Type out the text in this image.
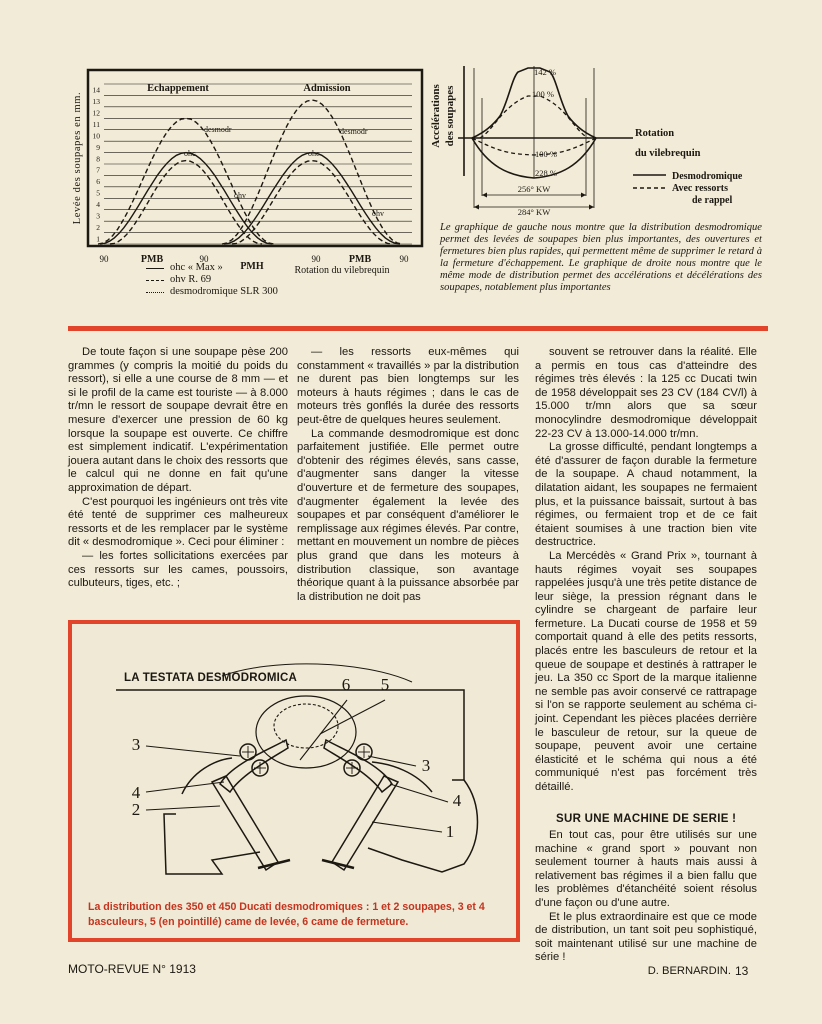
14
13
12
11
10
9
8
7
6
5
4
3
2
1
Levée des soupapes en mm.
Echappement	Admission
desmodr	desmodr
ohc	ohc
ohv
ohv
90	90	90	90
PMB
PMH
PMB
Rotation du vilebrequin
ohc « Max »
ohv R. 69
desmodromique SLR 300
Accélérations des soupapes
142 %
100 %
100 %
228 %
256° KW
284° KW
Rotation
du vilebrequin
Desmodromique
Avec ressorts
de rappel
Le graphique de gauche nous montre que la distribution desmodromique permet des levées de soupapes bien plus importantes, des ouvertures et fermetures bien plus rapides, qui permettent même de supprimer le retard à la fermeture d'échappement. Le graphique de droite nous montre que le même mode de distribution permet des accélérations et décélérations des soupapes, notablement plus importantes

De toute façon si une soupape pèse 200 grammes (y compris la moitié du poids du ressort), si elle a une course de 8 mm — et si le profil de la came est touriste — à 8.000 tr/mn le ressort de soupape devrait être en mesure d'exercer une pression de 60 kg lorsque la soupape est ouverte. Ce chiffre est simplement indicatif. L'expérimentation jouera autant dans le choix des ressorts que le calcul qui ne donne en fait qu'une approximation de départ.

C'est pourquoi les ingénieurs ont très vite été tenté de supprimer ces malheureux ressorts et de les remplacer par le système dit « desmodromique ». Ceci pour éliminer :

— les fortes sollicitations exercées par ces ressorts sur les cames, poussoirs, culbuteurs, tiges, etc. ;

— les ressorts eux-mêmes qui constamment « travaillés » par la distribution ne durent pas bien longtemps sur les moteurs à hauts régimes ; dans le cas de moteurs très gonflés la durée des ressorts peut-être de quelques heures seulement.

La commande desmodromique est donc parfaitement justifiée. Elle permet outre d'obtenir des régimes élevés, sans casse, d'augmenter sans danger la vitesse d'ouverture et de fermeture des soupapes, d'augmenter également la levée des soupapes et par conséquent d'améliorer le remplissage aux régimes élevés. Par contre, mettant en mouvement un nombre de pièces plus grand que dans les moteurs à distribution classique, son avantage théorique quant à la puissance absorbée par la distribution ne doit pas

souvent se retrouver dans la réalité. Elle a permis en tous cas d'atteindre des régimes très élevés : la 125 cc Ducati twin de 1958 développait ses 23 CV (184 CV/l) à 15.000 tr/mn alors que sa sœur monocylindre desmodromique développait 22-23 CV à 13.000-14.000 tr/mn.

La grosse difficulté, pendant longtemps a été d'assurer de façon durable la fermeture de la soupape. A chaud notamment, la dilatation aidant, les soupapes ne fermaient plus, et la puissance baissait, surtout à bas régimes, ou fermaient trop et de ce fait étaient soumises à une traction bien vite destructrice.

La Mercédès « Grand Prix », tournant à hauts régimes voyait ses soupapes rappelées jusqu'à une très petite distance de leur siège, la pression régnant dans le cylindre se chargeant de parfaire leur fermeture. La Ducati course de 1958 et 59 comportait quand à elle des petits ressorts, placés entre les basculeurs de retour et la queue de soupape et destinés à rattraper le jeu. La 350 cc Sport de la marque italienne ne semble pas avoir conservé ce rattrapage si l'on se rapporte seulement au schéma ci-joint. Cependant les pièces placées derrière le basculeur de retour, sur la queue de soupape, peuvent avoir une certaine élasticité et le schéma qui nous a été communiqué n'est pas forcément très détaillé.

SUR UNE MACHINE DE SERIE !

En tout cas, pour être utilisés sur une machine « grand sport » pouvant non seulement tourner à hauts mais aussi à relativement bas régimes il a bien fallu que les problèmes d'étanchéité soient résolus d'une façon ou d'une autre.

Et le plus extraordinaire est que ce mode de distribution, un tant soit peu sophistiqué, soit maintenant utilisé sur une machine de série !

D. BERNARDIN.
LA TESTATA DESMODROMICA	6 5
3
3
4	4
2
1
La distribution des 350 et 450 Ducati desmodromiques : 1 et 2 soupapes, 3 et 4 basculeurs, 5 (en pointillé) came de levée, 6 came de fermeture.
MOTO-REVUE N° 1913	13
